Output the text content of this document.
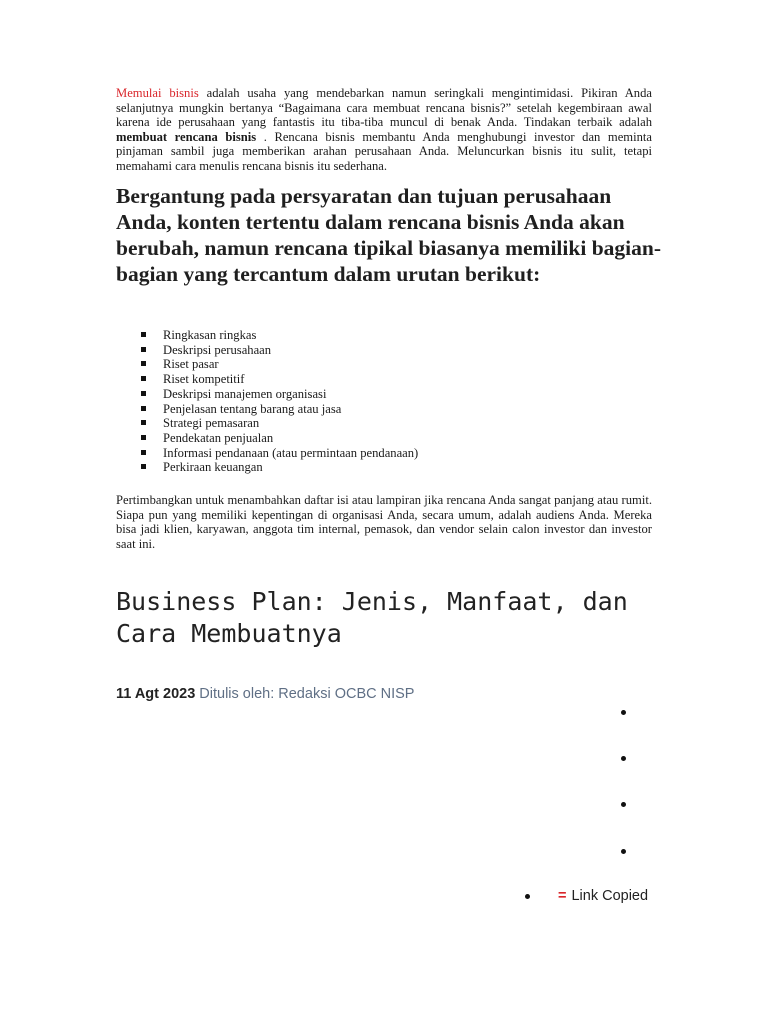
Memulai bisnis adalah usaha yang mendebarkan namun seringkali mengintimidasi. Pikiran Anda selanjutnya mungkin bertanya “Bagaimana cara membuat rencana bisnis?” setelah kegembiraan awal karena ide perusahaan yang fantastis itu tiba-tiba muncul di benak Anda. Tindakan terbaik adalah membuat rencana bisnis . Rencana bisnis membantu Anda menghubungi investor dan meminta pinjaman sambil juga memberikan arahan perusahaan Anda. Meluncurkan bisnis itu sulit, tetapi memahami cara menulis rencana bisnis itu sederhana.

Bergantung pada persyaratan dan tujuan perusahaan Anda, konten tertentu dalam rencana bisnis Anda akan berubah, namun rencana tipikal biasanya memiliki bagian-bagian yang tercantum dalam urutan berikut:
Ringkasan ringkas
Deskripsi perusahaan
Riset pasar
Riset kompetitif
Deskripsi manajemen organisasi
Penjelasan tentang barang atau jasa
Strategi pemasaran
Pendekatan penjualan
Informasi pendanaan (atau permintaan pendanaan)
Perkiraan keuangan

Pertimbangkan untuk menambahkan daftar isi atau lampiran jika rencana Anda sangat panjang atau rumit. Siapa pun yang memiliki kepentingan di organisasi Anda, secara umum, adalah audiens Anda. Mereka bisa jadi klien, karyawan, anggota tim internal, pemasok, dan vendor selain calon investor dan investor saat ini.

Business Plan: Jenis, Manfaat, dan Cara Membuatnya
11 Agt 2023 Ditulis oleh: Redaksi OCBC NISP
= Link Copied
